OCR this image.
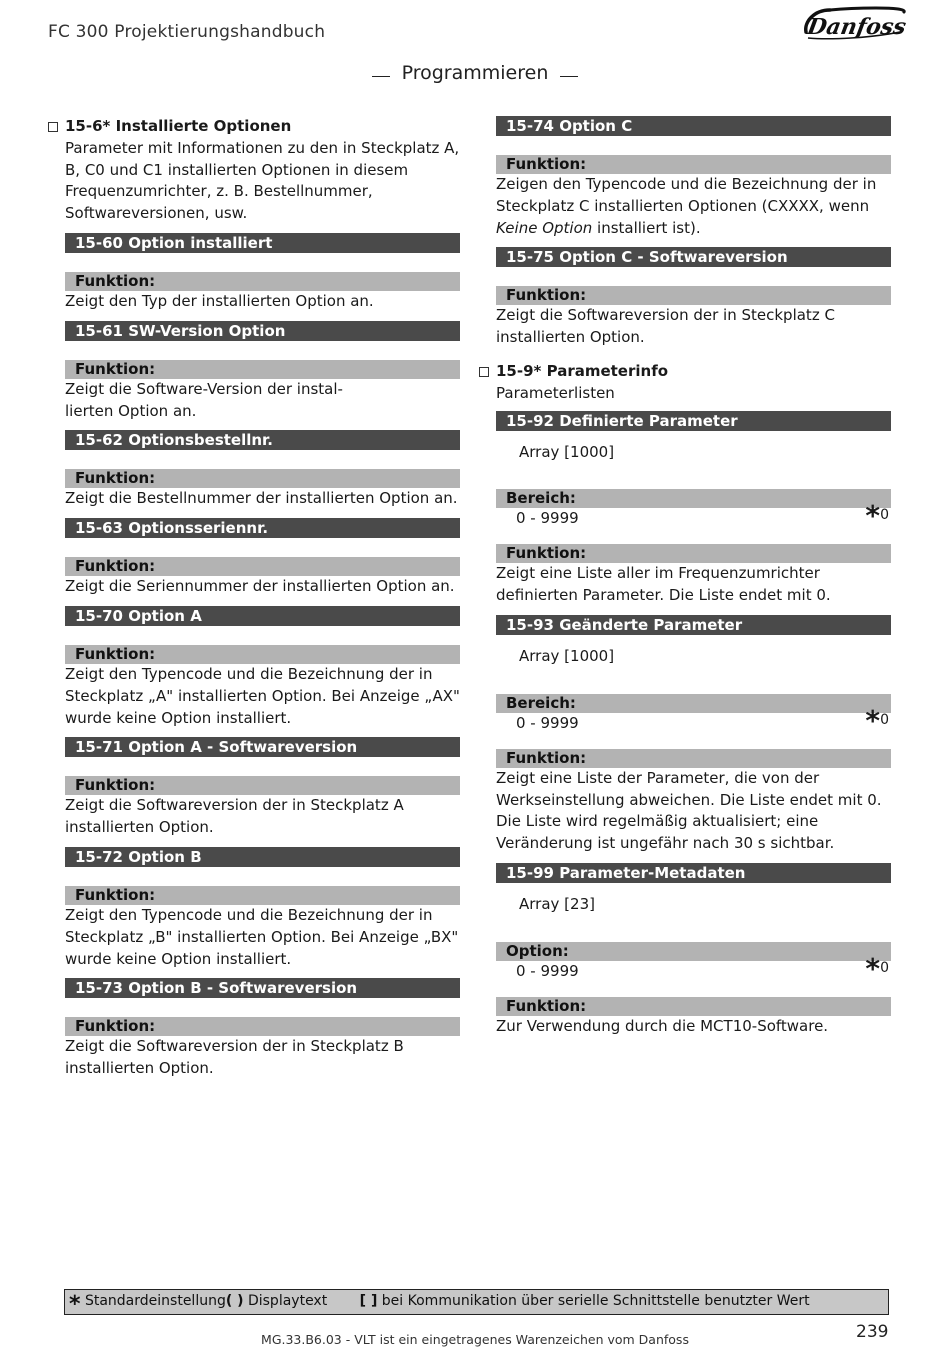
FC 300 Projektierungshandbuch	Danfoss
Programmieren
15-6* Installierte Optionen
Parameter mit Informationen zu den in Steckplatz A, B, C0 und C1 installierten Optionen in diesem Frequenzumrichter, z. B. Bestellnummer, Softwareversionen, usw.
15-60 Option installiert
Funktion:
Zeigt den Typ der installierten Option an.
15-61 SW-Version Option
Funktion:
Zeigt die Software-Version der instal-lierten Option an.
15-62 Optionsbestellnr.
Funktion:
Zeigt die Bestellnummer der installierten Option an.
15-63 Optionsseriennr.
Funktion:
Zeigt die Seriennummer der installierten Option an.
15-70 Option A
Funktion:
Zeigt den Typencode und die Bezeichnung der in Steckplatz „A" installierten Option. Bei Anzeige „AX" wurde keine Option installiert.
15-71 Option A - Softwareversion
Funktion:
Zeigt die Softwareversion der in Steckplatz A installierten Option.
15-72 Option B
Funktion:
Zeigt den Typencode und die Bezeichnung der in Steckplatz „B" installierten Option. Bei Anzeige „BX" wurde keine Option installiert.
15-73 Option B - Softwareversion
Funktion:
Zeigt die Softwareversion der in Steckplatz B installierten Option.
15-74 Option C
Funktion:
Zeigen den Typencode und die Bezeichnung der in Steckplatz C installierten Optionen (CXXXX, wenn Keine Option installiert ist).
15-75 Option C - Softwareversion
Funktion:
Zeigt die Softwareversion der in Steckplatz C installierten Option.
15-9* Parameterinfo
Parameterlisten
15-92 Definierte Parameter
Array [1000]
Bereich:
0 - 9999	*0
Funktion:
Zeigt eine Liste aller im Frequenzumrichter definierten Parameter. Die Liste endet mit 0.
15-93 Geänderte Parameter
Array [1000]
Bereich:
0 - 9999	*0
Funktion:
Zeigt eine Liste der Parameter, die von der Werkseinstellung abweichen. Die Liste endet mit 0. Die Liste wird regelmäßig aktualisiert; eine Veränderung ist ungefähr nach 30 s sichtbar.
15-99 Parameter-Metadaten
Array [23]
Option:
0 - 9999	*0
Funktion:
Zur Verwendung durch die MCT10-Software.
* Standardeinstellung( ) Displaytext [ ] bei Kommunikation über serielle Schnittstelle benutzter Wert
MG.33.B6.03 - VLT ist ein eingetragenes Warenzeichen vom Danfoss	239
